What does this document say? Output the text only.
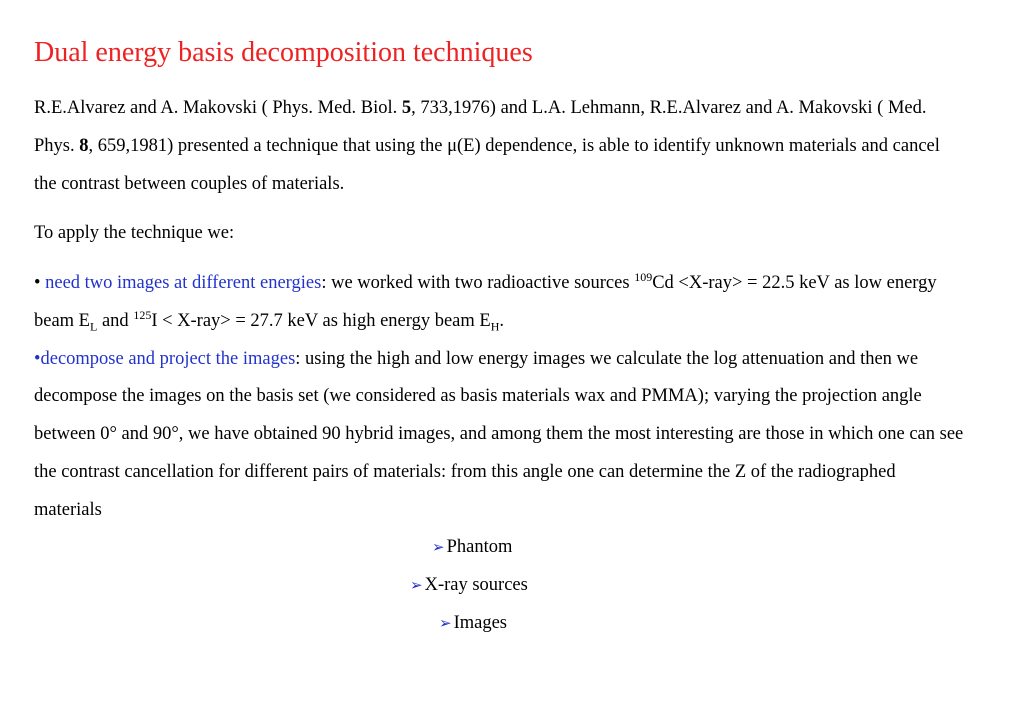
Dual energy basis decomposition techniques

R.E.Alvarez and A. Makovski ( Phys. Med. Biol. 5, 733,1976) and L.A. Lehmann, R.E.Alvarez and A. Makovski ( Med. Phys. 8, 659,1981) presented a technique that using the μ(E) dependence, is able to identify unknown materials and cancel the contrast between couples of materials.

To apply the technique we:

• need two images at different energies: we worked with two radioactive sources $^{109}$Cd <X-ray> = 22.5 keV as low energy beam $E_L$ and $^{125}$I < X-ray> = 27.7 keV as high energy beam $E_H$.
•decompose and project the images: using the high and low energy images we calculate the log attenuation and then we decompose the images on the basis set (we considered as basis materials wax and PMMA); varying the projection angle between 0° and 90°, we have obtained 90 hybrid images, and among them the most interesting are those in which one can see the contrast cancellation for different pairs of materials: from this angle one can determine the Z of the radiographed materials
➢ Phantom
➢ X-ray sources
➢ Images
